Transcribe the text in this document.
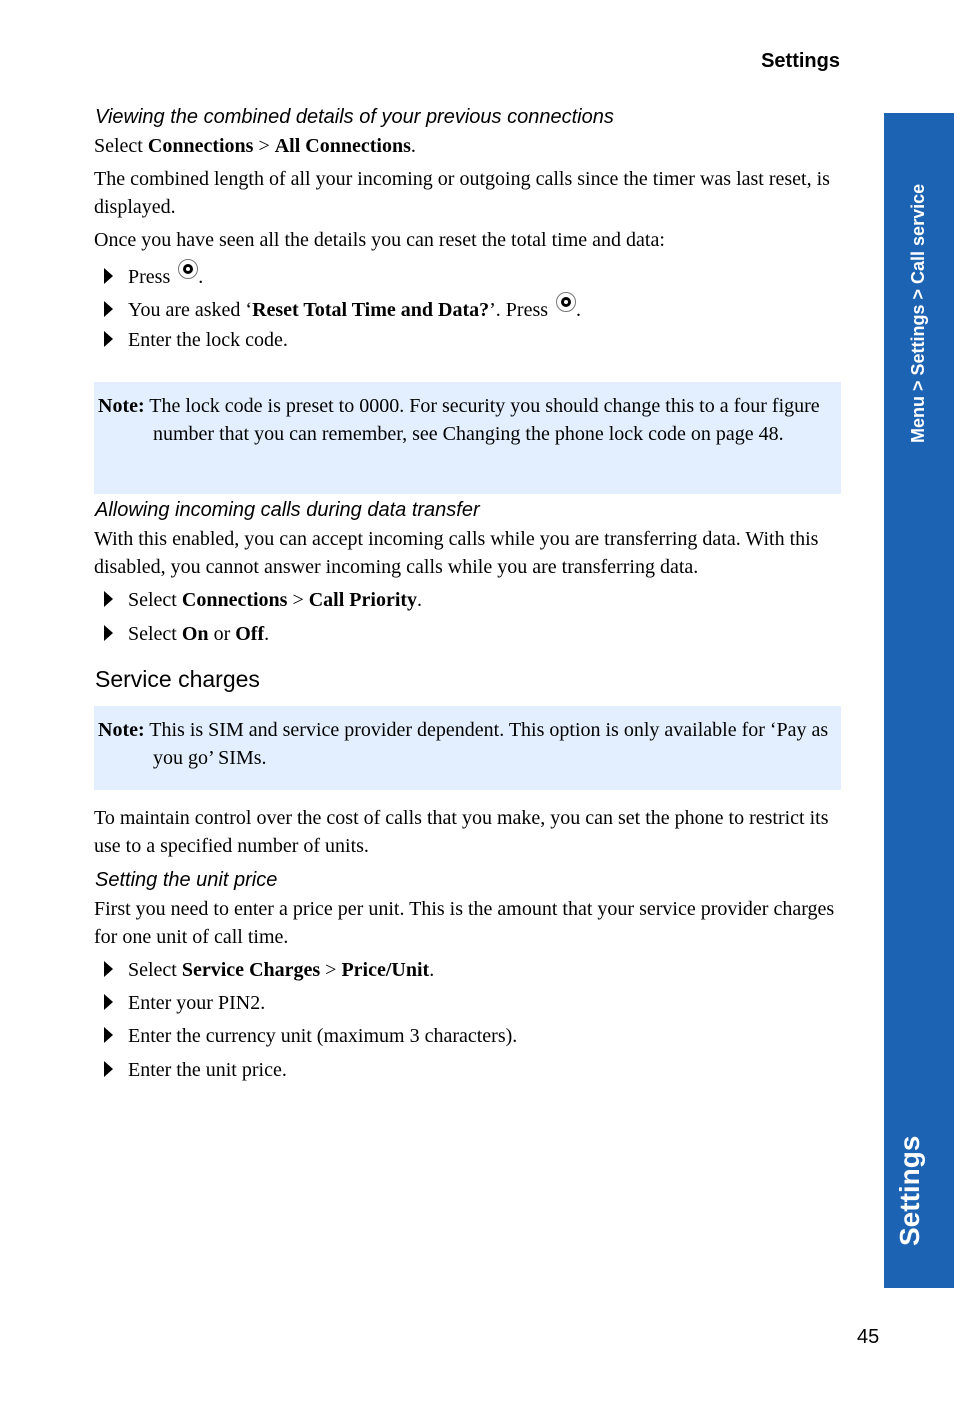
Settings
Menu > Settings > Call service
Settings
Viewing the combined details of your previous connections
Select Connections > All Connections.
The combined length of all your incoming or outgoing calls since the timer was last reset, is displayed.
Once you have seen all the details you can reset the total time and data:
Press .
You are asked ‘Reset Total Time and Data?’. Press .
Enter the lock code.
Note: The lock code is preset to 0000. For security you should change this to a four figure number that you can remember, see Changing the phone lock code on page 48.
Allowing incoming calls during data transfer
With this enabled, you can accept incoming calls while you are transferring data. With this disabled, you cannot answer incoming calls while you are transferring data.
Select Connections > Call Priority.
Select On or Off.
Service charges
Note: This is SIM and service provider dependent. This option is only available for ‘Pay as you go’ SIMs.
To maintain control over the cost of calls that you make, you can set the phone to restrict its use to a specified number of units.
Setting the unit price
First you need to enter a price per unit. This is the amount that your service provider charges for one unit of call time.
Select Service Charges > Price/Unit.
Enter your PIN2.
Enter the currency unit (maximum 3 characters).
Enter the unit price.
45
